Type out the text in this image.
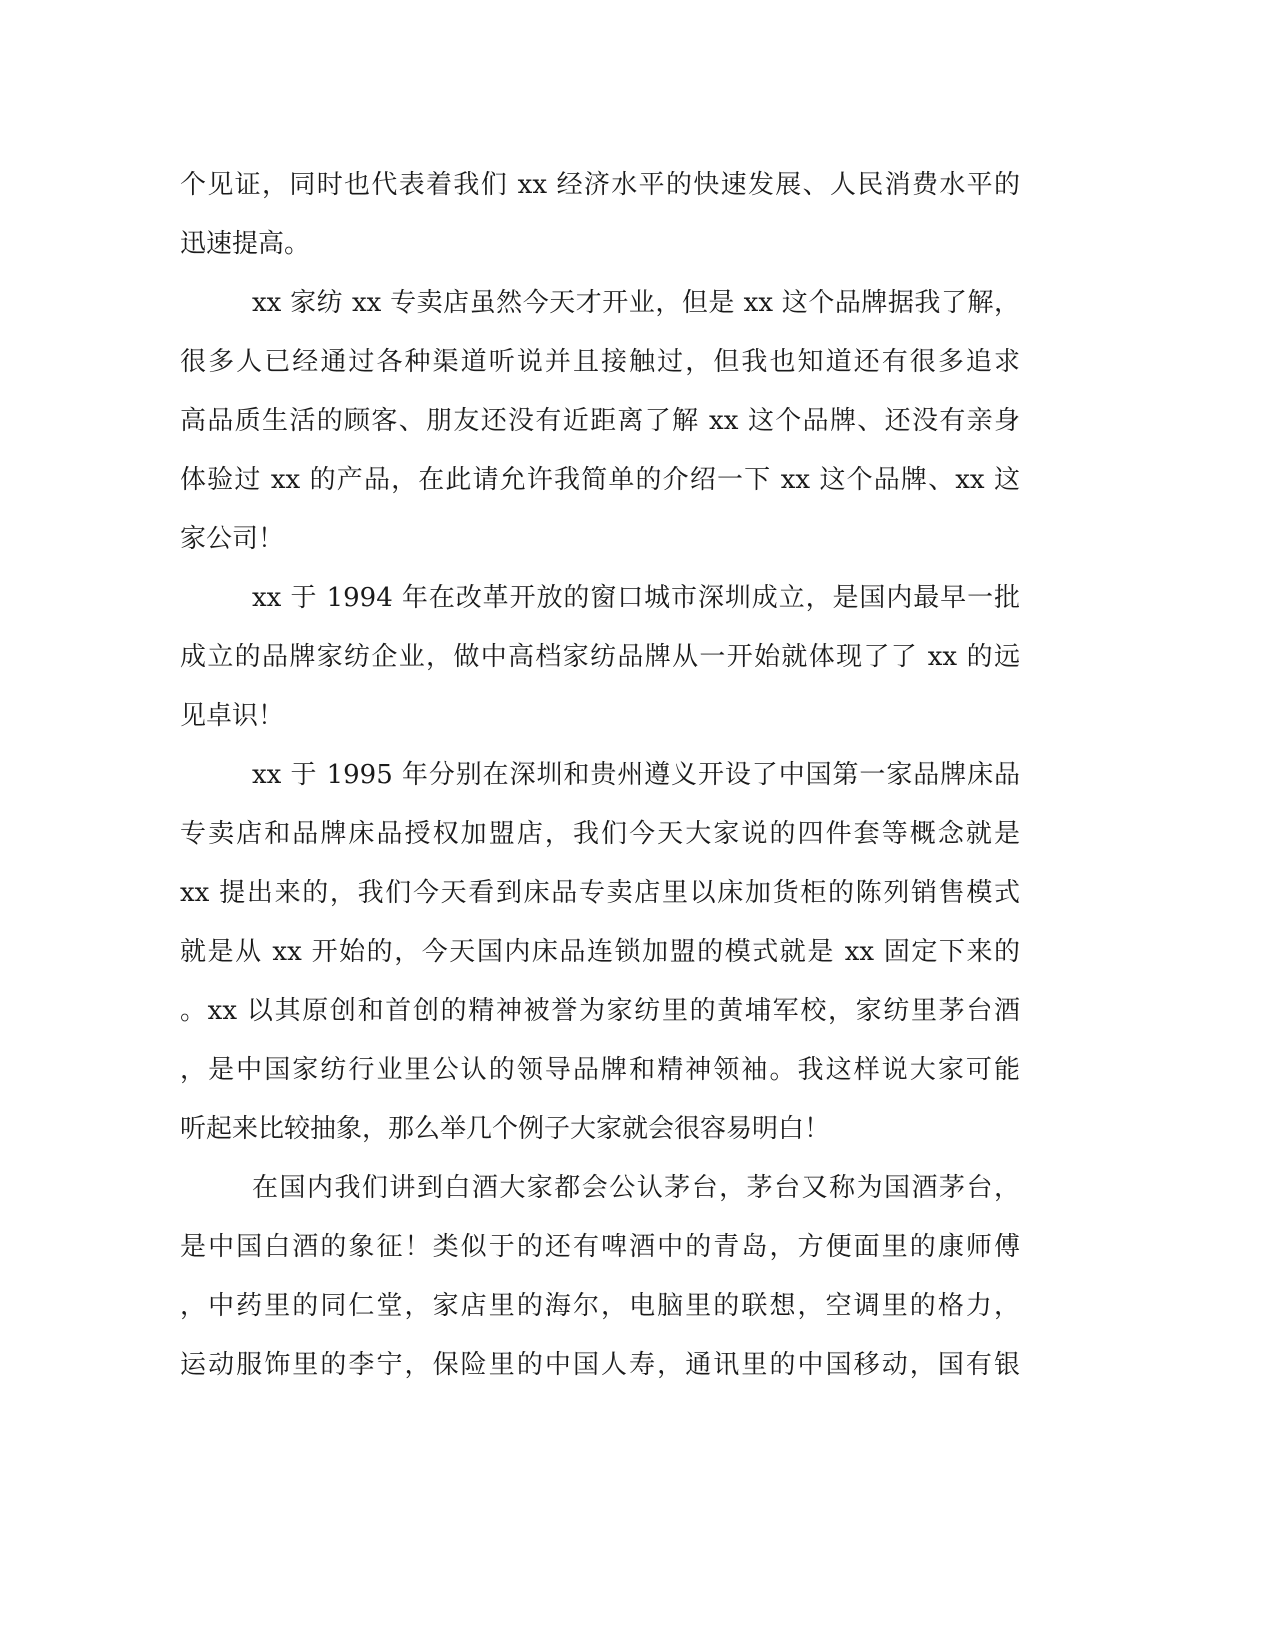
个见证，同时也代表着我们 xx 经济水平的快速发展、人民消费水平的
迅速提高。
xx 家纺 xx 专卖店虽然今天才开业，但是 xx 这个品牌据我了解，
很多人已经通过各种渠道听说并且接触过，但我也知道还有很多追求
高品质生活的顾客、朋友还没有近距离了解 xx 这个品牌、还没有亲身
体验过 xx 的产品，在此请允许我简单的介绍一下 xx 这个品牌、xx 这
家公司！
xx 于 1994 年在改革开放的窗口城市深圳成立，是国内最早一批
成立的品牌家纺企业，做中高档家纺品牌从一开始就体现了了 xx 的远
见卓识！
xx 于 1995 年分别在深圳和贵州遵义开设了中国第一家品牌床品
专卖店和品牌床品授权加盟店，我们今天大家说的四件套等概念就是
xx 提出来的，我们今天看到床品专卖店里以床加货柜的陈列销售模式
就是从 xx 开始的，今天国内床品连锁加盟的模式就是 xx 固定下来的
。xx 以其原创和首创的精神被誉为家纺里的黄埔军校，家纺里茅台酒
，是中国家纺行业里公认的领导品牌和精神领袖。我这样说大家可能
听起来比较抽象，那么举几个例子大家就会很容易明白！
在国内我们讲到白酒大家都会公认茅台，茅台又称为国酒茅台，
是中国白酒的象征！类似于的还有啤酒中的青岛，方便面里的康师傅
，中药里的同仁堂，家店里的海尔，电脑里的联想，空调里的格力，
运动服饰里的李宁，保险里的中国人寿，通讯里的中国移动，国有银
